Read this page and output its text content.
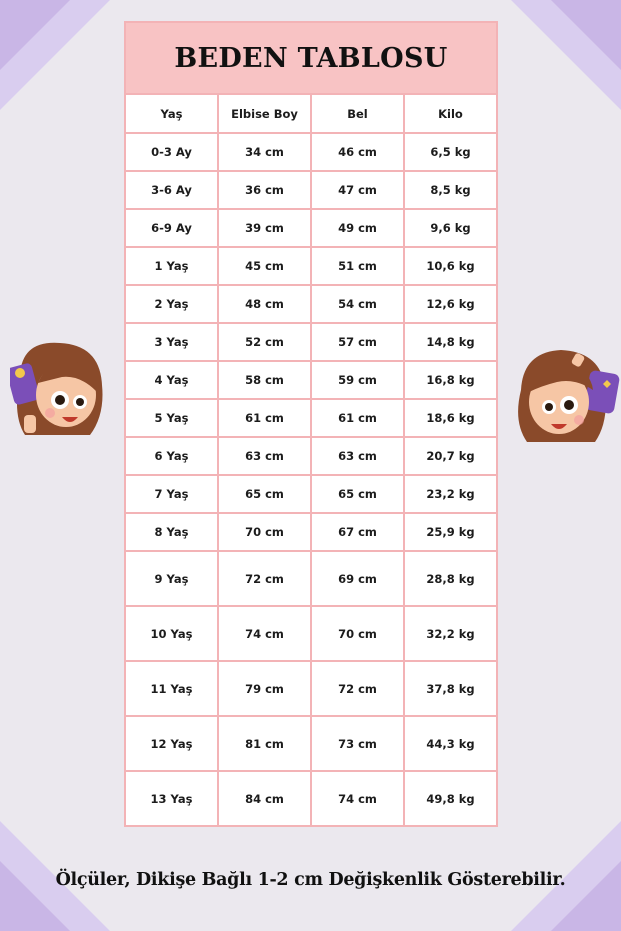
BEDEN TABLOSU			
Yaş	Elbise Boy	Bel	Kilo
0-3 Ay	34 cm	46 cm	6,5 kg
3-6 Ay	36 cm	47 cm	8,5 kg
6-9 Ay	39 cm	49 cm	9,6 kg
1 Yaş	45 cm	51 cm	10,6 kg
2 Yaş	48 cm	54 cm	12,6 kg
3 Yaş	52 cm	57 cm	14,8 kg
4 Yaş	58 cm	59 cm	16,8 kg
5 Yaş	61 cm	61 cm	18,6 kg
6 Yaş	63 cm	63 cm	20,7 kg
7 Yaş	65 cm	65 cm	23,2 kg
8 Yaş	70 cm	67 cm	25,9 kg
9 Yaş	72 cm	69 cm	28,8 kg
10 Yaş	74 cm	70 cm	32,2 kg
11 Yaş	79 cm	72 cm	37,8 kg
12 Yaş	81 cm	73 cm	44,3 kg
13 Yaş	84 cm	74 cm	49,8 kg
Ölçüler, Dikişe Bağlı 1-2 cm Değişkenlik Gösterebilir.
